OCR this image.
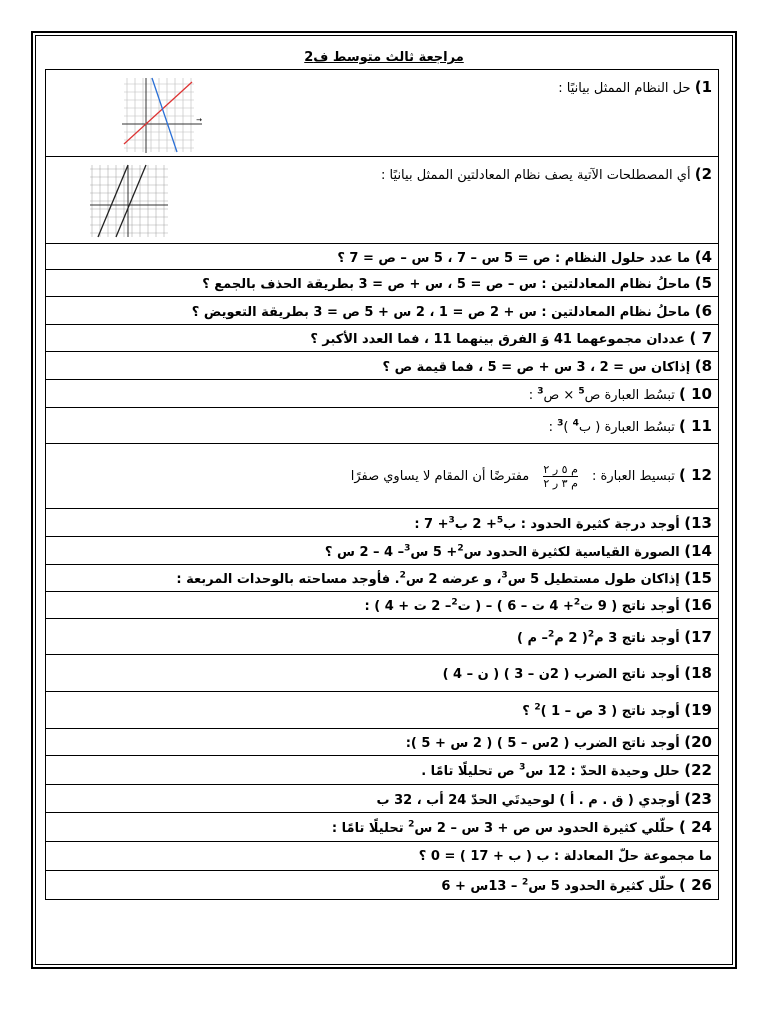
مراجعة ثالث متوسط ف2
1) حل النظام الممثل بيانيًا :
→

2) أي المصطلحات الآتية يصف نظام المعادلتين الممثل بيانيًا :

4) ما عدد حلول النظام : ص = 5 س – 7 ، 5 س – ص = 7 ؟
5) ماحلُ نظام المعادلتين : س – ص = 5 ، س + ص = 3 بطريقة الحذف بالجمع ؟
6) ماحلُ نظام المعادلتين : س + 2 ص = 1 ، 2 س + 5 ص = 3 بطريقة التعويض ؟
7 ) عددان مجموعهما 41 وَ الفرق بينهما 11 ، فما العدد الأكبر ؟
8) إذاكان س = 2 ، 3 س + ص = 5 ، فما قيمة ص ؟
10 ) تبسُط العبارة ص$^5$ × ص$^3$ :
11 ) تبسُط العبارة ( ب$^4$ )$^3$ :
12 ) تبسيط العبارة :
$\frac{\text{م ٥ ر ٢}}{\text{م ٣ ر ٢}}$
مفترضًا أن المقام لا يساوي صفرًا
13) أوجد درجة كثيرة الحدود : ب$^5$+ 2 ب$^3$+ 7 :
14) الصورة القياسية لكثيرة الحدود س$^2$+ 5 س$^3$– 4 – 2 س ؟
15) إذاكان طول مستطيل 5 س$^3$، و عرضه 2 س$^2$. فأوجد مساحته بالوحدات المربعة :
16) أوجد ناتج ( 9 ت$^2$+ 4 ت – 6 ) – ( ت$^2$– 2 ت + 4 ) :
17) أوجد ناتج 3 م$^2$( 2 م$^2$– م )
18) أوجد ناتج الضرب ( 2ن – 3 ) ( ن – 4 )
19) أوجد ناتج ( 3 ص – 1 )$^2$ ؟
20) أوجد ناتج الضرب ( 2س – 5 ) ( 2 س + 5 ):
22) حلل وحيدة الحدّ : 12 س$^3$ ص تحليلًا تامًا .
23) أوجدي ( ق . م . أ ) لوحيدتَي الحدّ 24 أب ، 32 ب
24 ) حلّلي كثيرة الحدود س ص + 3 س – 2 س$^2$ تحليلًا تامًا :
ما مجموعة حلّ المعادلة : ب ( ب + 17 ) = 0 ؟
26 ) حلّل كثيرة الحدود 5 س$^2$ – 13س + 6
